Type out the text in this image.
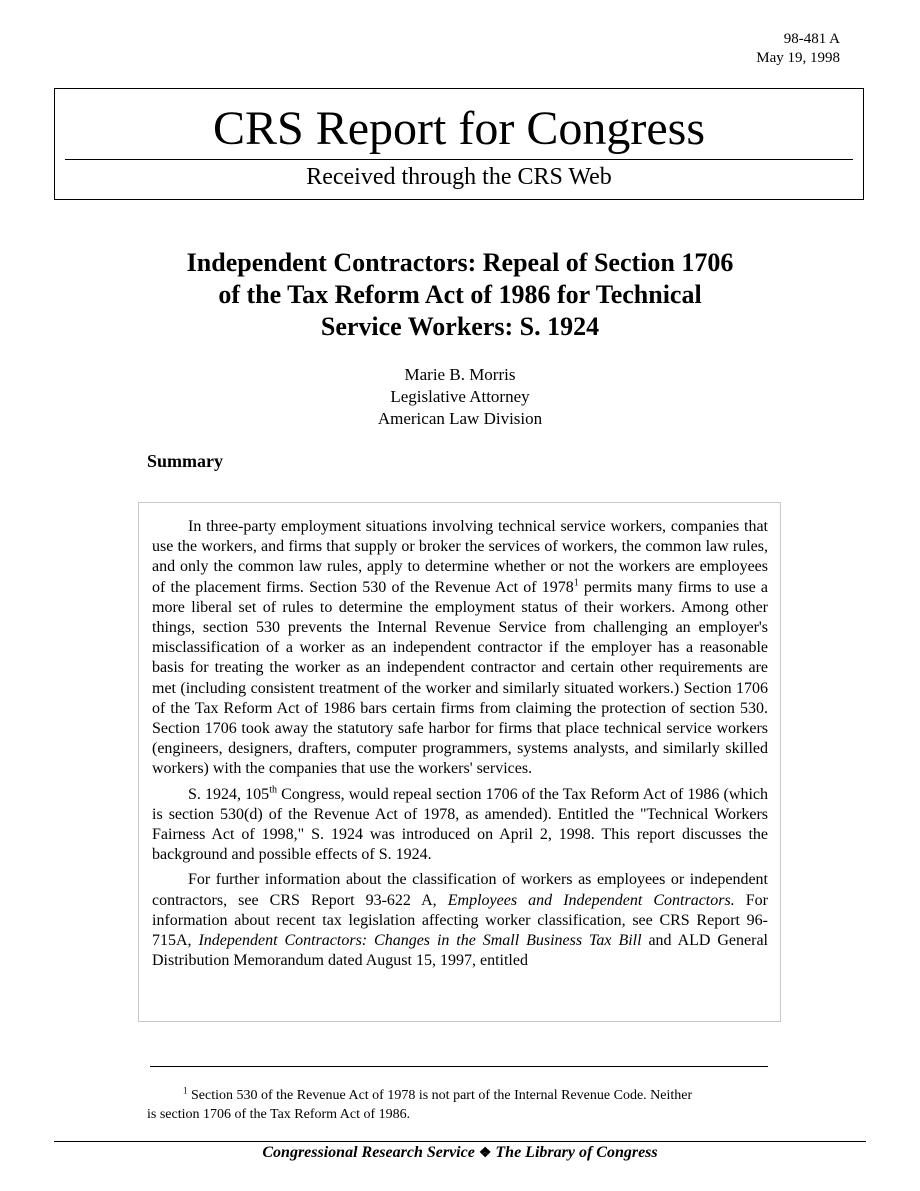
98-481 A
May 19, 1998
CRS Report for Congress
Received through the CRS Web
Independent Contractors: Repeal of Section 1706
of the Tax Reform Act of 1986 for Technical
Service Workers: S. 1924
Marie B. Morris
Legislative Attorney
American Law Division
Summary

In three-party employment situations involving technical service workers, companies that use the workers, and firms that supply or broker the services of workers, the common law rules, and only the common law rules, apply to determine whether or not the workers are employees of the placement firms. Section 530 of the Revenue Act of 1978$^1$ permits many firms to use a more liberal set of rules to determine the employment status of their workers. Among other things, section 530 prevents the Internal Revenue Service from challenging an employer's misclassification of a worker as an independent contractor if the employer has a reasonable basis for treating the worker as an independent contractor and certain other requirements are met (including consistent treatment of the worker and similarly situated workers.) Section 1706 of the Tax Reform Act of 1986 bars certain firms from claiming the protection of section 530. Section 1706 took away the statutory safe harbor for firms that place technical service workers (engineers, designers, drafters, computer programmers, systems analysts, and similarly skilled workers) with the companies that use the workers' services.

S. 1924, 105th Congress, would repeal section 1706 of the Tax Reform Act of 1986 (which is section 530(d) of the Revenue Act of 1978, as amended). Entitled the "Technical Workers Fairness Act of 1998," S. 1924 was introduced on April 2, 1998. This report discusses the background and possible effects of S. 1924.

For further information about the classification of workers as employees or independent contractors, see CRS Report 93-622 A, Employees and Independent Contractors. For information about recent tax legislation affecting worker classification, see CRS Report 96-715A, Independent Contractors: Changes in the Small Business Tax Bill and ALD General Distribution Memorandum dated August 15, 1997, entitled

$^1$ Section 530 of the Revenue Act of 1978 is not part of the Internal Revenue Code. Neither
is section 1706 of the Tax Reform Act of 1986.
Congressional Research Service ❖ The Library of Congress
